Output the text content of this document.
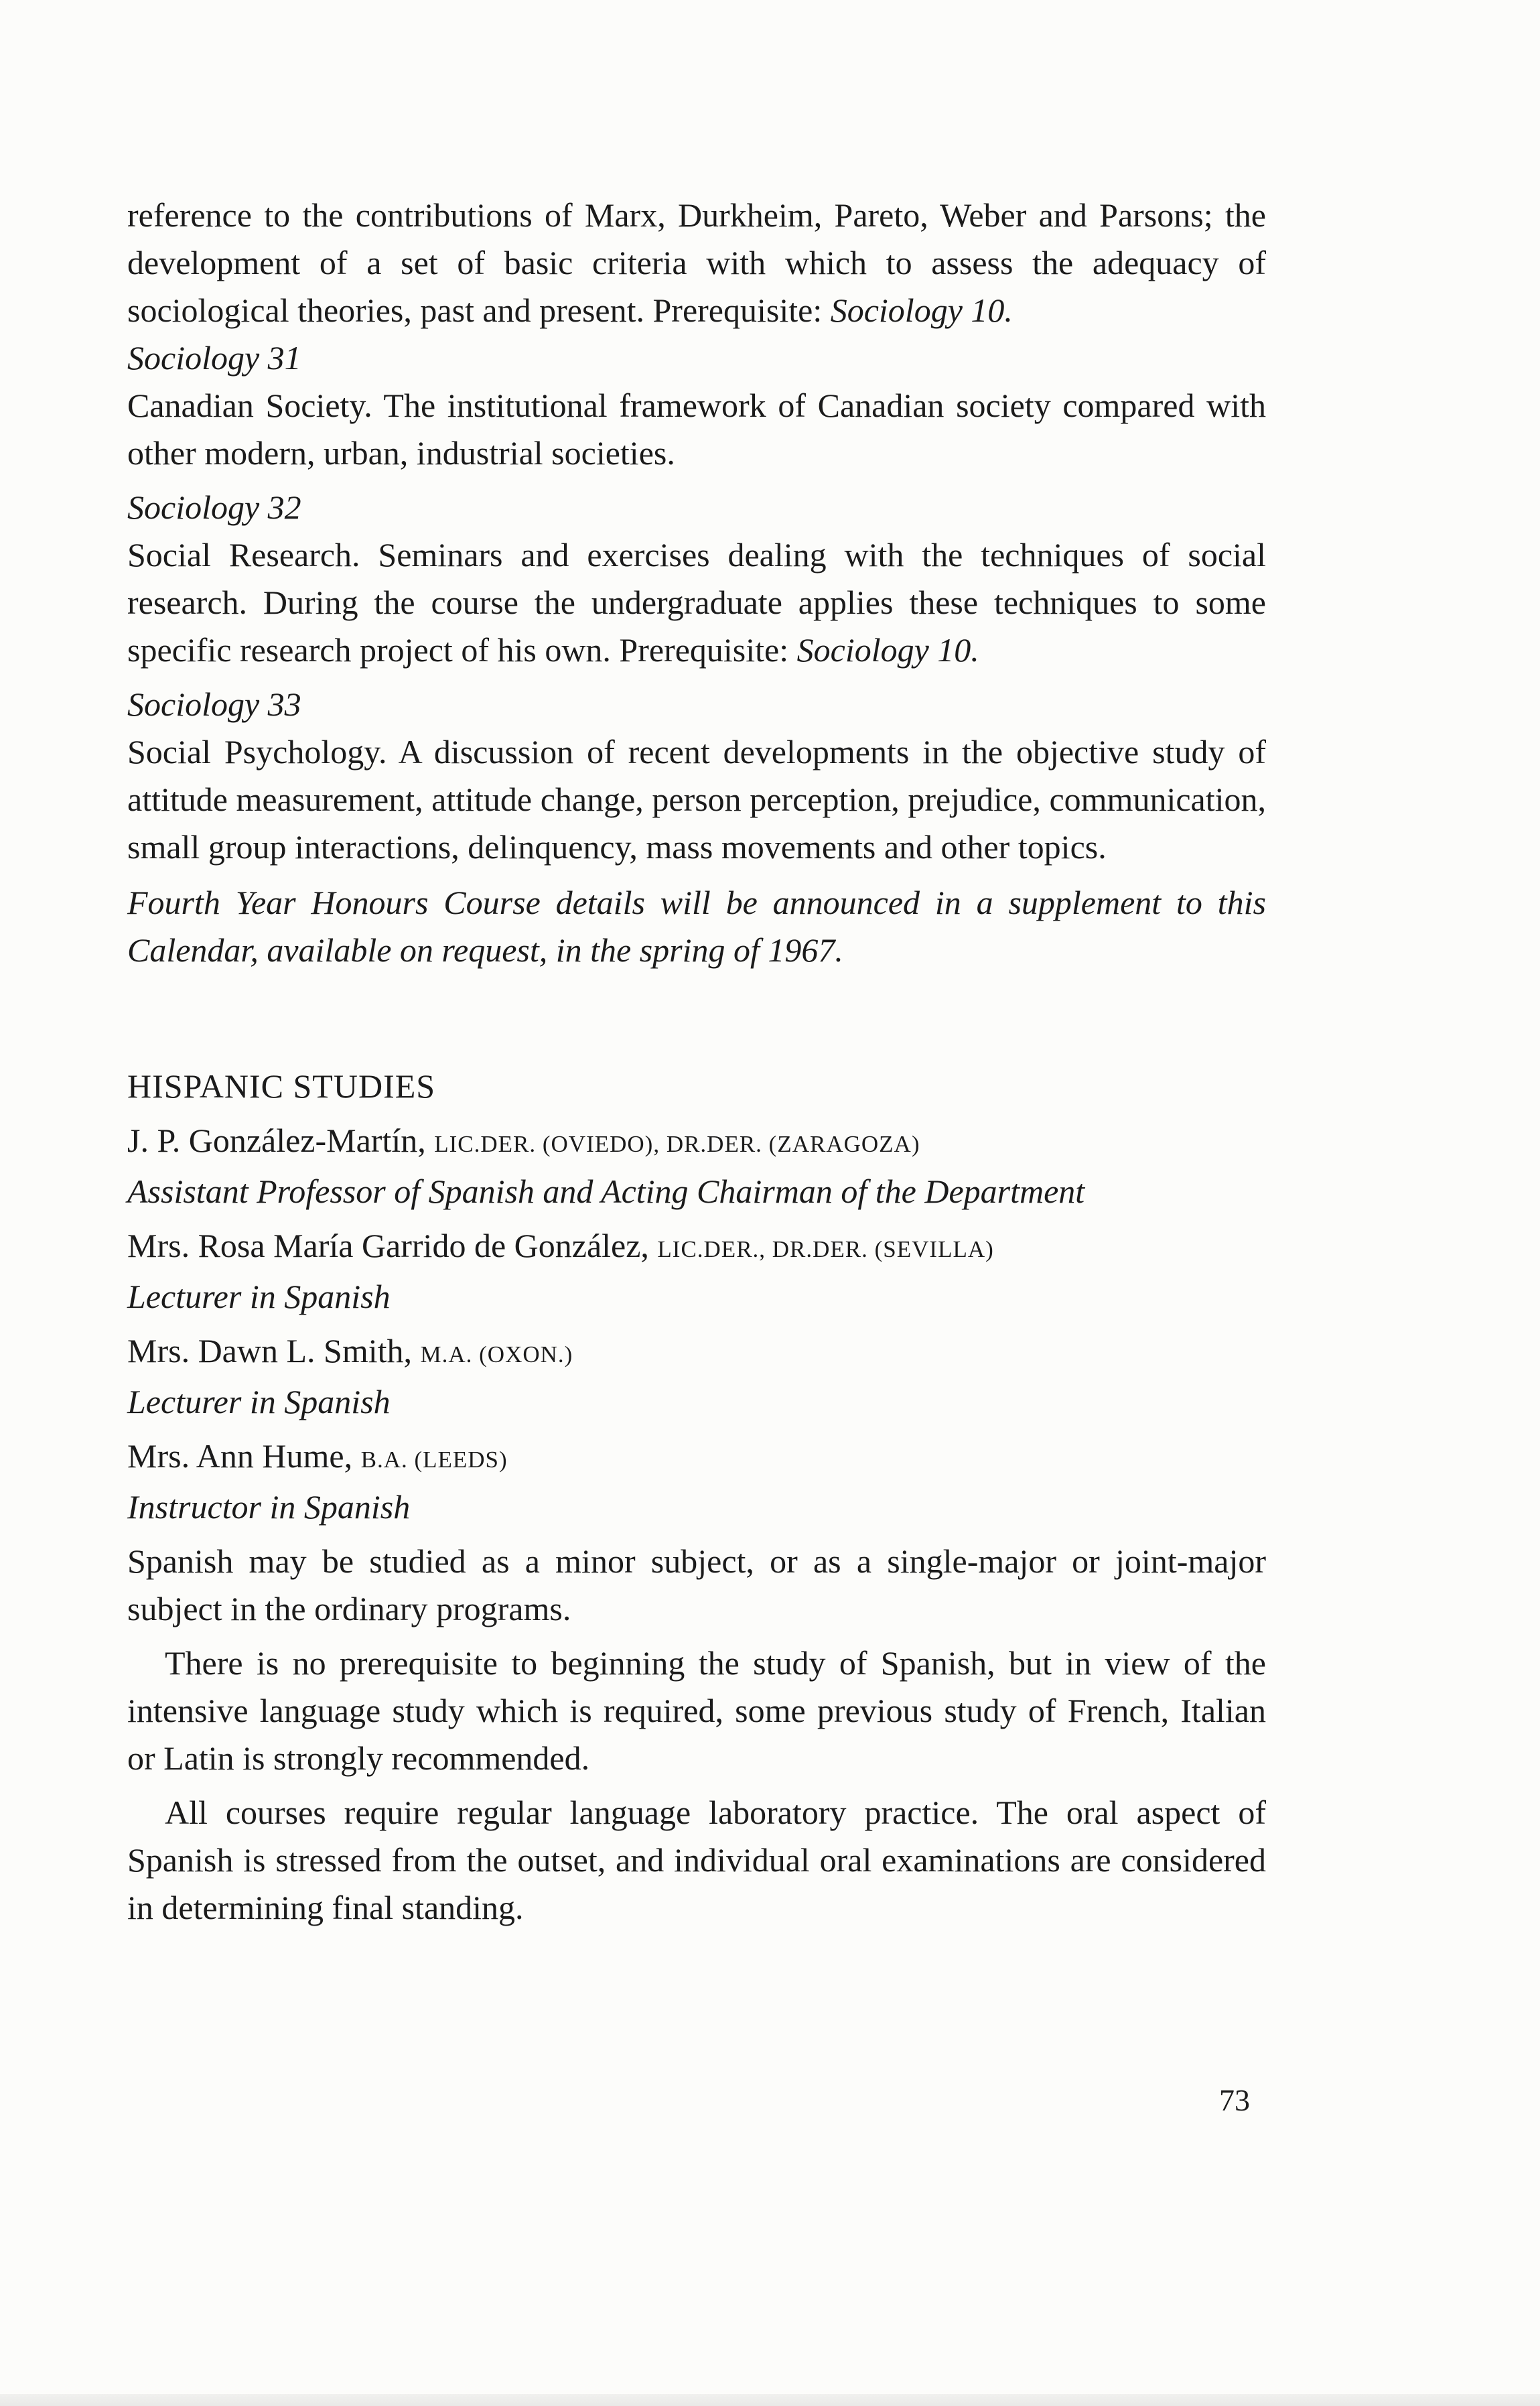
reference to the contributions of Marx, Durkheim, Pareto, Weber and Parsons; the development of a set of basic criteria with which to assess the adequacy of sociological theories, past and present. Prerequisite: Sociology 10.

Sociology 31

Canadian Society. The institutional framework of Canadian society compared with other modern, urban, industrial societies.

Sociology 32

Social Research. Seminars and exercises dealing with the techniques of social research. During the course the undergraduate applies these techniques to some specific research project of his own. Prerequisite: Sociology 10.

Sociology 33

Social Psychology. A discussion of recent developments in the objective study of attitude measurement, attitude change, person perception, prejudice, communication, small group interactions, delinquency, mass movements and other topics.

Fourth Year Honours Course details will be announced in a supplement to this Calendar, available on request, in the spring of 1967.

HISPANIC STUDIES

J. P. González-Martín, LIC.DER. (OVIEDO), DR.DER. (ZARAGOZA)

Assistant Professor of Spanish and Acting Chairman of the Department

Mrs. Rosa María Garrido de González, LIC.DER., DR.DER. (SEVILLA)

Lecturer in Spanish

Mrs. Dawn L. Smith, M.A. (OXON.)

Lecturer in Spanish

Mrs. Ann Hume, B.A. (LEEDS)

Instructor in Spanish

Spanish may be studied as a minor subject, or as a single-major or joint-major subject in the ordinary programs.

There is no prerequisite to beginning the study of Spanish, but in view of the intensive language study which is required, some previous study of French, Italian or Latin is strongly recommended.

All courses require regular language laboratory practice. The oral aspect of Spanish is stressed from the outset, and individual oral examinations are considered in determining final standing.

73
